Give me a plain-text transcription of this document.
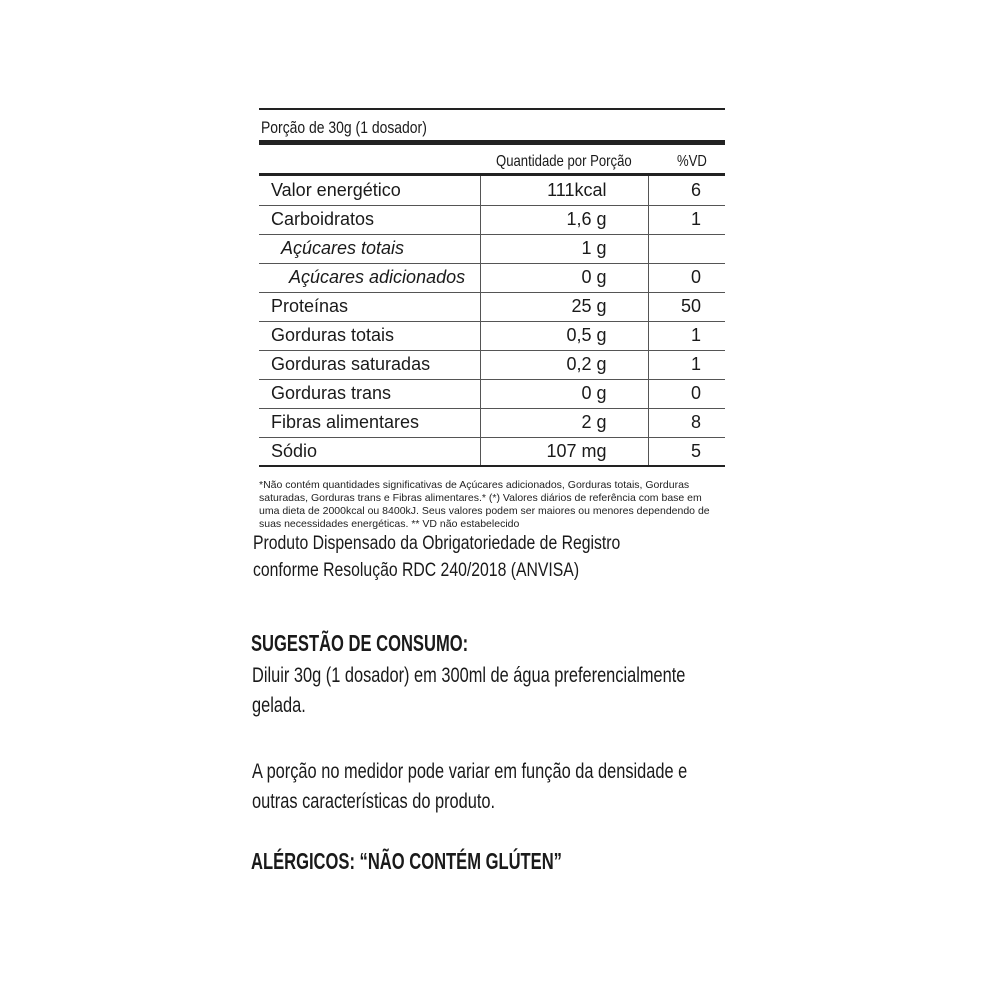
Porção de 30g (1 dosador)
Quantidade por Porção	%VD
Valor energético	111kcal	6
Carboidratos	1,6 g	1
Açúcares totais	1 g	
Açúcares adicionados	0 g	0
Proteínas	25 g	50
Gorduras totais	0,5 g	1
Gorduras saturadas	0,2 g	1
Gorduras trans	0 g	0
Fibras alimentares	2 g	8
Sódio	107 mg	5
*Não contém quantidades significativas de Açúcares adicionados, Gorduras totais, Gorduras saturadas, Gorduras trans e Fibras alimentares.* (*) Valores diários de referência com base em uma dieta de 2000kcal ou 8400kJ. Seus valores podem ser maiores ou menores dependendo de suas necessidades energéticas. ** VD não estabelecido
Produto Dispensado da Obrigatoriedade de Registro
conforme Resolução RDC 240/2018 (ANVISA)
SUGESTÃO DE CONSUMO:
Diluir 30g (1 dosador) em 300ml de água preferencialmente
gelada.
A porção no medidor pode variar em função da densidade e
outras características do produto.
ALÉRGICOS: “NÃO CONTÉM GLÚTEN”
